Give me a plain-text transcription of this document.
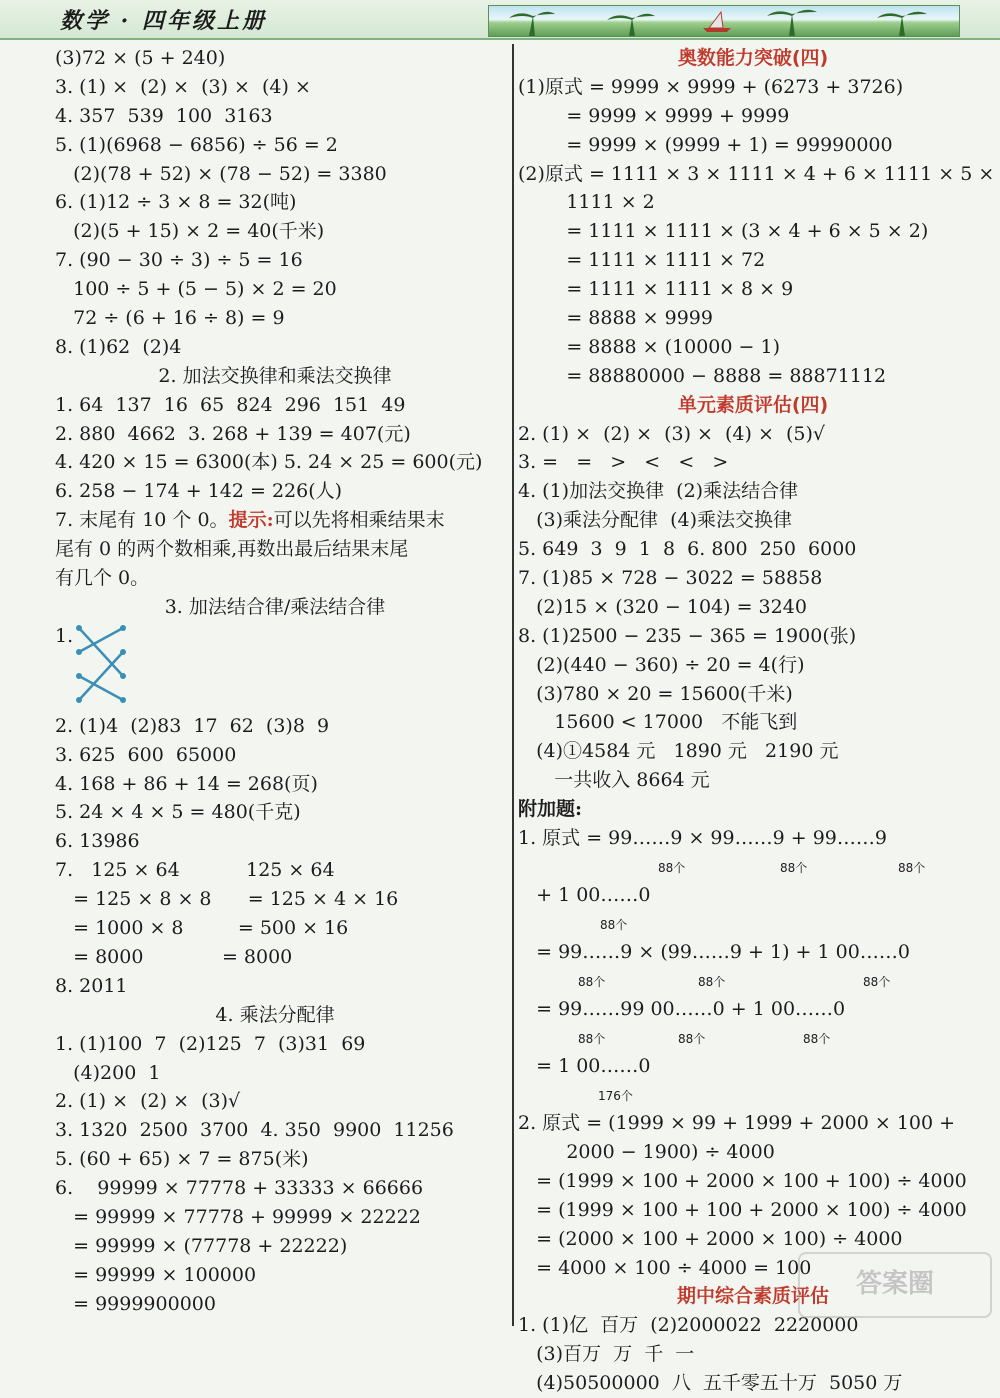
数学 · 四年级上册
(3)72 × (5 + 240)
3. (1) ×  (2) ×  (3) ×  (4) ×
4. 357  539  100  3163
5. (1)(6968 − 6856) ÷ 56 = 2
(2)(78 + 52) × (78 − 52) = 3380
6. (1)12 ÷ 3 × 8 = 32(吨)
(2)(5 + 15) × 2 = 40(千米)
7. (90 − 30 ÷ 3) ÷ 5 = 16
100 ÷ 5 + (5 − 5) × 2 = 20
72 ÷ (6 + 16 ÷ 8) = 9
8. (1)62  (2)4
2. 加法交换律和乘法交换律
1. 64  137  16  65  824  296  151  49
2. 880  4662  3. 268 + 139 = 407(元)
4. 420 × 15 = 6300(本) 5. 24 × 25 = 600(元)
6. 258 − 174 + 142 = 226(人)
7. 末尾有 10 个 0。提示:可以先将相乘结果末
尾有 0 的两个数相乘,再数出最后结果末尾
有几个 0。
3. 加法结合律/乘法结合律
1.
2. (1)4  (2)83  17  62  (3)8  9
3. 625  600  65000
4. 168 + 86 + 14 = 268(页)
5. 24 × 4 × 5 = 480(千克)
6. 13986
7.   125 × 64           125 × 64
= 125 × 8 × 8      = 125 × 4 × 16
= 1000 × 8         = 500 × 16
= 8000             = 8000
8. 2011
4. 乘法分配律
1. (1)100  7  (2)125  7  (3)31  69
(4)200  1
2. (1) ×  (2) ×  (3)√
3. 1320  2500  3700  4. 350  9900  11256
5. (60 + 65) × 7 = 875(米)
6.    99999 × 77778 + 33333 × 66666
= 99999 × 77778 + 99999 × 22222
= 99999 × (77778 + 22222)
= 99999 × 100000
= 9999900000
奥数能力突破(四)
(1)原式 = 9999 × 9999 + (6273 + 3726)
= 9999 × 9999 + 9999
= 9999 × (9999 + 1) = 99990000
(2)原式 = 1111 × 3 × 1111 × 4 + 6 × 1111 × 5 ×
1111 × 2
= 1111 × 1111 × (3 × 4 + 6 × 5 × 2)
= 1111 × 1111 × 72
= 1111 × 1111 × 8 × 9
= 8888 × 9999
= 8888 × (10000 − 1)
= 88880000 − 8888 = 88871112
单元素质评估(四)
2. (1) ×  (2) ×  (3) ×  (4) ×  (5)√
3. =   =   >   <   <   >
4. (1)加法交换律  (2)乘法结合律
(3)乘法分配律  (4)乘法交换律
5. 649  3  9  1  8  6. 800  250  6000
7. (1)85 × 728 − 3022 = 58858
(2)15 × (320 − 104) = 3240
8. (1)2500 − 235 − 365 = 1900(张)
(2)(440 − 360) ÷ 20 = 4(行)
(3)780 × 20 = 15600(千米)
15600 < 17000   不能飞到
(4)①4584 元   1890 元   2190 元
一共收入 8664 元
附加题:
1. 原式 = 99……9 × 99……9 + 99……9
88个	88个	88个
+ 1 00……0
88个
= 99……9 × (99……9 + 1) + 1 00……0
88个	88个	88个
= 99……99 00……0 + 1 00……0
88个	88个	88个
= 1 00……0
176个
2. 原式 = (1999 × 99 + 1999 + 2000 × 100 +
2000 − 1900) ÷ 4000
= (1999 × 100 + 2000 × 100 + 100) ÷ 4000
= (1999 × 100 + 100 + 2000 × 100) ÷ 4000
= (2000 × 100 + 2000 × 100) ÷ 4000
= 4000 × 100 ÷ 4000 = 100
期中综合素质评估
1. (1)亿  百万  (2)2000022  2220000
(3)百万  万  千  一
(4)50500000  八  五千零五十万  5050 万
答案圈
